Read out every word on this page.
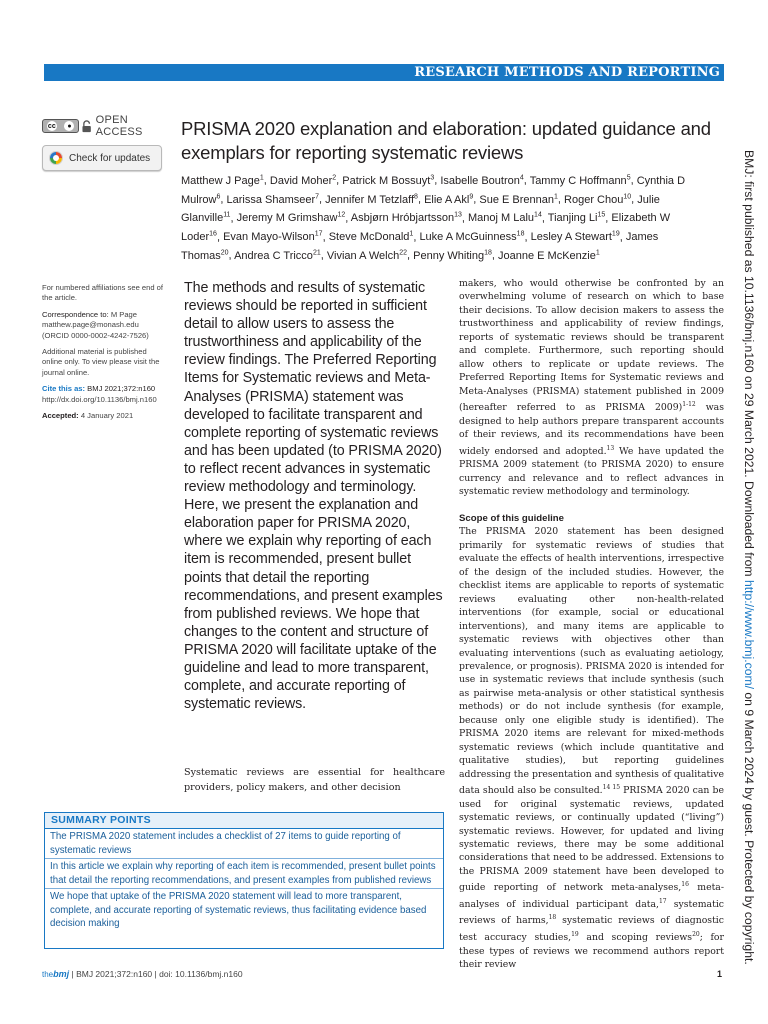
RESEARCH METHODS AND REPORTING
cc	● OPEN ACCESS
Check for updates
PRISMA 2020 explanation and elaboration: updated guidance and exemplars for reporting systematic reviews
Matthew J Page$^1$, David Moher$^2$, Patrick M Bossuyt$^3$, Isabelle Boutron$^4$, Tammy C Hoffmann$^5$, Cynthia D Mulrow$^6$, Larissa Shamseer$^7$, Jennifer M Tetzlaff$^8$, Elie A Akl$^9$, Sue E Brennan$^1$, Roger Chou$^{10}$, Julie Glanville$^{11}$, Jeremy M Grimshaw$^{12}$, Asbjørn Hróbjartsson$^{13}$, Manoj M Lalu$^{14}$, Tianjing Li$^{15}$, Elizabeth W Loder$^{16}$, Evan Mayo-Wilson$^{17}$, Steve McDonald$^1$, Luke A McGuinness$^{18}$, Lesley A Stewart$^{19}$, James Thomas$^{20}$, Andrea C Tricco$^{21}$, Vivian A Welch$^{22}$, Penny Whiting$^{18}$, Joanne E McKenzie$^1$

For numbered affiliations see end of the article.

Correspondence to: M Page
matthew.page@monash.edu
(ORCID 0000-0002-4242-7526)

Additional material is published online only. To view please visit the journal online.

Cite this as: BMJ 2021;372:n160
http://dx.doi.org/10.1136/bmj.n160

Accepted: 4 January 2021

The methods and results of systematic reviews should be reported in sufficient detail to allow users to assess the trustworthiness and applicability of the review findings. The Preferred Reporting Items for Systematic reviews and Meta-Analyses (PRISMA) statement was developed to facilitate transparent and complete reporting of systematic reviews and has been updated (to PRISMA 2020) to reflect recent advances in systematic review methodology and terminology. Here, we present the explanation and elaboration paper for PRISMA 2020, where we explain why reporting of each item is recommended, present bullet points that detail the reporting recommendations, and present examples from published reviews. We hope that changes to the content and structure of PRISMA 2020 will facilitate uptake of the guideline and lead to more transparent, complete, and accurate reporting of systematic reviews.
Systematic reviews are essential for healthcare providers, policy makers, and other decision

makers, who would otherwise be confronted by an overwhelming volume of research on which to base their decisions. To allow decision makers to assess the trustworthiness and applicability of review findings, reports of systematic reviews should be transparent and complete. Furthermore, such reporting should allow others to replicate or update reviews. The Preferred Reporting Items for Systematic reviews and Meta-Analyses (PRISMA) statement published in 2009 (hereafter referred to as PRISMA 2009)$^{1-12}$ was designed to help authors prepare transparent accounts of their reviews, and its recommendations have been widely endorsed and adopted.$^{13}$ We have updated the PRISMA 2009 statement (to PRISMA 2020) to ensure currency and relevance and to reflect advances in systematic review methodology and terminology.

Scope of this guideline

The PRISMA 2020 statement has been designed primarily for systematic reviews of studies that evaluate the effects of health interventions, irrespective of the design of the included studies. However, the checklist items are applicable to reports of systematic reviews evaluating other non-health-related interventions (for example, social or educational interventions), and many items are applicable to systematic reviews with objectives other than evaluating interventions (such as evaluating aetiology, prevalence, or prognosis). PRISMA 2020 is intended for use in systematic reviews that include synthesis (such as pairwise meta-analysis or other statistical synthesis methods) or do not include synthesis (for example, because only one eligible study is identified). The PRISMA 2020 items are relevant for mixed-methods systematic reviews (which include quantitative and qualitative studies), but reporting guidelines addressing the presentation and synthesis of qualitative data should also be consulted.$^{14 15}$ PRISMA 2020 can be used for original systematic reviews, updated systematic reviews, or continually updated (“living”) systematic reviews. However, for updated and living systematic reviews, there may be some additional considerations that need to be addressed. Extensions to the PRISMA 2009 statement have been developed to guide reporting of network meta-analyses,$^{16}$ meta-analyses of individual participant data,$^{17}$ systematic reviews of harms,$^{18}$ systematic reviews of diagnostic test accuracy studies,$^{19}$ and scoping reviews$^{20}$; for these types of reviews we recommend authors report their review

BMJ: first published as 10.1136/bmj.n160 on 29 March 2021. Downloaded from http://www.bmj.com/ on 9 March 2024 by guest. Protected by copyright.
SUMMARY POINTS
The PRISMA 2020 statement includes a checklist of 27 items to guide reporting of systematic reviews
In this article we explain why reporting of each item is recommended, present bullet points that detail the reporting recommendations, and present examples from published reviews
We hope that uptake of the PRISMA 2020 statement will lead to more transparent, complete, and accurate reporting of systematic reviews, thus facilitating evidence based decision making
thebmj | BMJ 2021;372:n160 | doi: 10.1136/bmj.n160	1
